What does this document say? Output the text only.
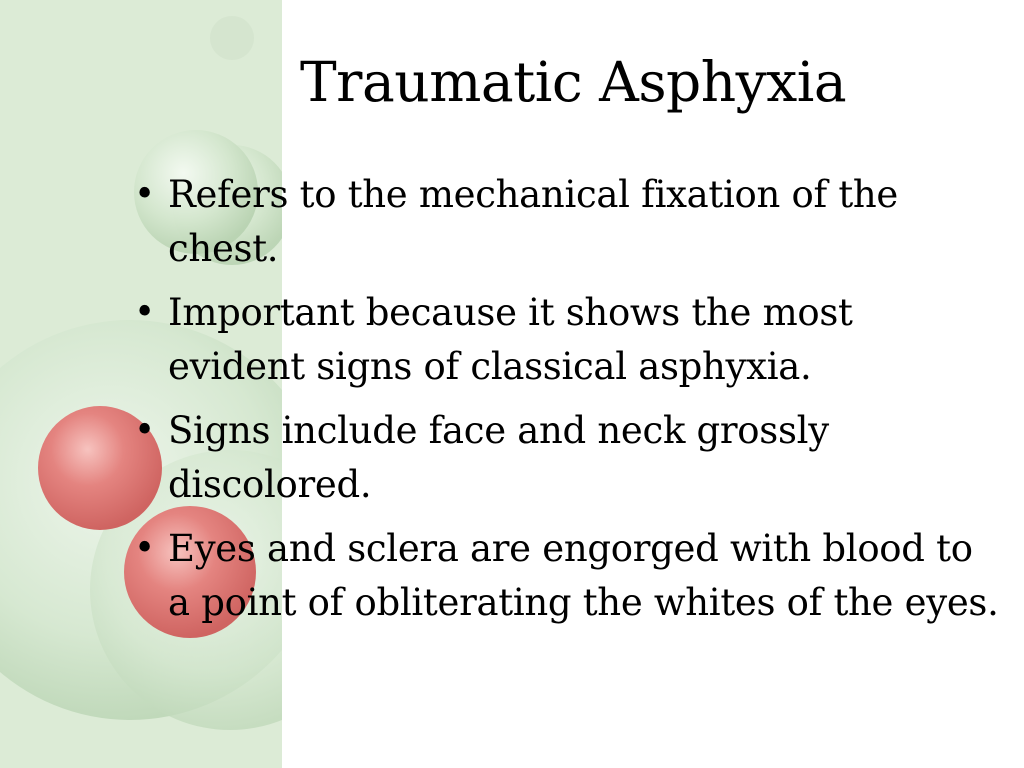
Traumatic Asphyxia
• Refers to the mechanical fixation of the chest.
• Important because it shows the most evident signs of classical asphyxia.
• Signs include face and neck grossly discolored.
• Eyes and sclera are engorged with blood to a point of obliterating the whites of the eyes.
